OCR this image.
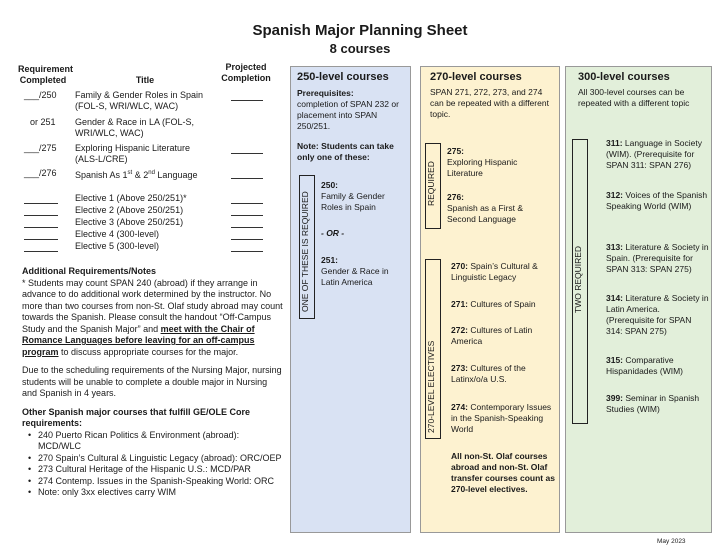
Spanish Major Planning Sheet
8 courses
Requirement
Completed	Title
Projected
Completion
___/250 Family & Gender Roles in Spain (FOL-S, WRI/WLC, WAC)
or 251 Gender & Race in LA (FOL-S, WRI/WLC, WAC)
___/275 Exploring Hispanic Literature (ALS-L/CRE)
___/276 Spanish As 1st & 2nd Language
Elective 1 (Above 250/251)*
Elective 2 (Above 250/251)
Elective 3 (Above 250/251)
Elective 4 (300-level)
Elective 5 (300-level)
Additional Requirements/Notes

* Students may count SPAN 240 (abroad) if they arrange in advance to do additional work determined by the instructor. No more than two courses from non-St. Olaf study abroad may count towards the Spanish. Please consult the handout “Off-Campus Study and the Spanish Major” and meet with the Chair of Romance Languages before leaving for an off-campus program to discuss appropriate courses for the major.

Due to the scheduling requirements of the Nursing Major, nursing students will be unable to complete a double major in Nursing and Spanish in 4 years.

Other Spanish major courses that fulfill GE/OLE Core requirements:
• 240 Puerto Rican Politics & Environment (abroad): MCD/WLC
• 270 Spain’s Cultural & Linguistic Legacy (abroad): ORC/OEP
• 273 Cultural Heritage of the Hispanic U.S.: MCD/PAR
• 274 Contemp. Issues in the Spanish-Speaking World: ORC
• Note: only 3xx electives carry WIM
250-level courses
Prerequisites:
completion of SPAN 232 or placement into SPAN 250/251.
Note: Students can take only one of these:
ONE OF THESE IS REQUIRED
250:
Family & Gender Roles in Spain
- OR -
251:
Gender & Race in Latin America
270-level courses
SPAN 271, 272, 273, and 274 can be repeated with a different topic.
REQUIRED
275:
Exploring Hispanic Literature
276:
Spanish as a First & Second Language
270-LEVEL ELECTIVES
270: Spain’s Cultural & Linguistic Legacy
271: Cultures of Spain
272: Cultures of Latin America
273: Cultures of the Latinx/o/a U.S.
274: Contemporary Issues in the Spanish-Speaking World
All non-St. Olaf courses abroad and non-St. Olaf transfer courses count as 270-level electives.
300-level courses
All 300-level courses can be repeated with a different topic
TWO REQUIRED
311: Language in Society (WIM). (Prerequisite for SPAN 311: SPAN 276)
312: Voices of the Spanish Speaking World (WIM)
313: Literature & Society in Spain. (Prerequisite for SPAN 313: SPAN 275)
314: Literature & Society in Latin America. (Prerequisite for SPAN 314: SPAN 275)
315: Comparative Hispanidades (WIM)
399: Seminar in Spanish Studies (WIM)
May 2023
